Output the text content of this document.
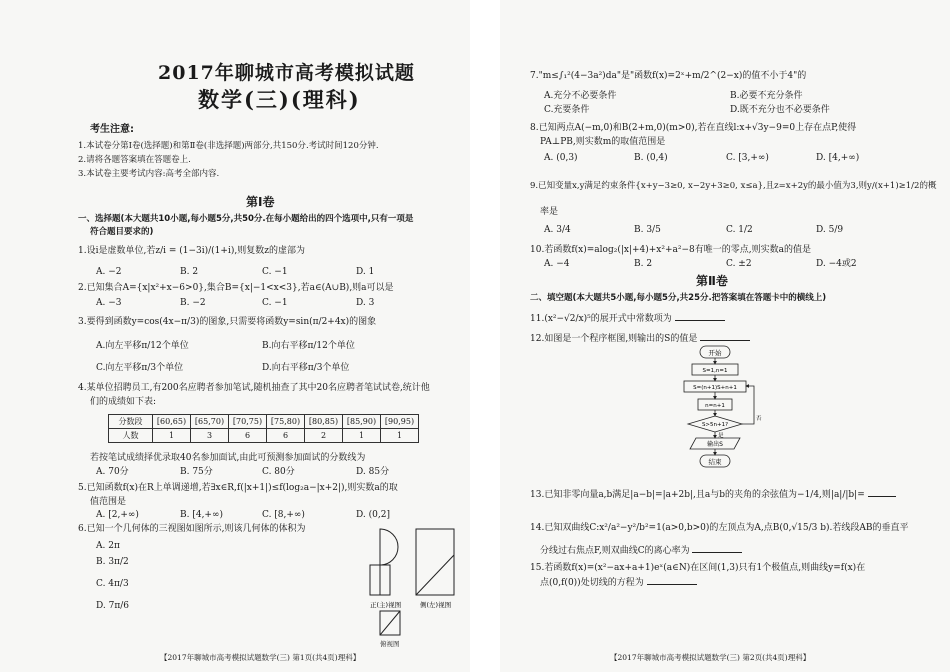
2017年聊城市高考模拟试题
数学(三)(理科)
考生注意:
1.本试卷分第Ⅰ卷(选择题)和第Ⅱ卷(非选择题)两部分,共150分.考试时间120分钟.
2.请将各题答案填在答题卷上.
3.本试卷主要考试内容:高考全部内容.
第Ⅰ卷
一、选择题(本大题共10小题,每小题5分,共50分.在每小题给出的四个选项中,只有一项是
符合题目要求的)
1.设i是虚数单位,若z/i = (1−3i)/(1+i),则复数z的虚部为
A. −2	B. 2	C. −1	D. 1
2.已知集合A={x|x²+x−6>0},集合B={x|−1<x<3},若a∈(A∪B),则a可以是
A. −3	B. −2	C. −1	D. 3
3.要得到函数y=cos(4x−π/3)的图象,只需要将函数y=sin(π/2+4x)的图象
A.向左平移π/12个单位	B.向右平移π/12个单位
C.向左平移π/3个单位	D.向右平移π/3个单位
4.某单位招聘员工,有200名应聘者参加笔试,随机抽查了其中20名应聘者笔试试卷,统计他
们的成绩如下表:
分数段	[60,65)	[65,70)	[70,75)	[75,80)	[80,85)	[85,90)	[90,95)
人数	1	3	6	6	2	1	1
若按笔试成绩择优录取40名参加面试,由此可预测参加面试的分数线为
A. 70分	B. 75分	C. 80分	D. 85分
5.已知函数f(x)在R上单调递增,若∃x∈R,f(|x+1|)≤f(log₂a−|x+2|),则实数a的取
值范围是
A. [2,+∞)	B. [4,+∞)	C. [8,+∞)	D. (0,2]
6.已知一个几何体的三视图如图所示,则该几何体的体积为
A. 2π
B. 3π/2
C. 4π/3
D. 7π/6	正(主)视图	侧(左)视图
俯视图
【2017年聊城市高考模拟试题数学(三) 第1页(共4页)理科】
7."m≤∫₁²(4−3a²)da"是"函数f(x)=2ˣ+m/2^(2−x)的值不小于4"的
A.充分不必要条件	B.必要不充分条件
C.充要条件	D.既不充分也不必要条件
8.已知两点A(−m,0)和B(2+m,0)(m>0),若在直线l:x+√3y−9=0上存在点P,使得
PA⊥PB,则实数m的取值范围是
A. (0,3)	B. (0,4)	C. [3,+∞)	D. [4,+∞)
9.已知变量x,y满足约束条件{x+y−3≥0, x−2y+3≥0, x≤a},且z=x+2y的最小值为3,则y/(x+1)≥1/2的概
率是
A. 3/4	B. 3/5	C. 1/2	D. 5/9
10.若函数f(x)=alog₂(|x|+4)+x²+a²−8有唯一的零点,则实数a的值是
A. −4	B. 2	C. ±2	D. −4或2
第Ⅱ卷
二、填空题(本大题共5小题,每小题5分,共25分.把答案填在答题卡中的横线上)
11.(x²−√2/x)⁵的展开式中常数项为
12.如图是一个程序框图,则输出的S的值是
开始
S=1,n=1
S=(n+1)S+n+1
n=n+1
S>5n+1?
是
否
输出S
结束
13.已知非零向量a,b满足|a−b|=|a+2b|,且a与b的夹角的余弦值为−1/4,则|a|/|b|=
14.已知双曲线C:x²/a²−y²/b²=1(a>0,b>0)的左顶点为A,点B(0,√15/3 b).若线段AB的垂直平
分线过右焦点F,则双曲线C的离心率为
15.若函数f(x)=(x²−ax+a+1)eˣ(a∈N)在区间(1,3)只有1个极值点,则曲线y=f(x)在
点(0,f(0))处切线的方程为
【2017年聊城市高考模拟试题数学(三) 第2页(共4页)理科】
